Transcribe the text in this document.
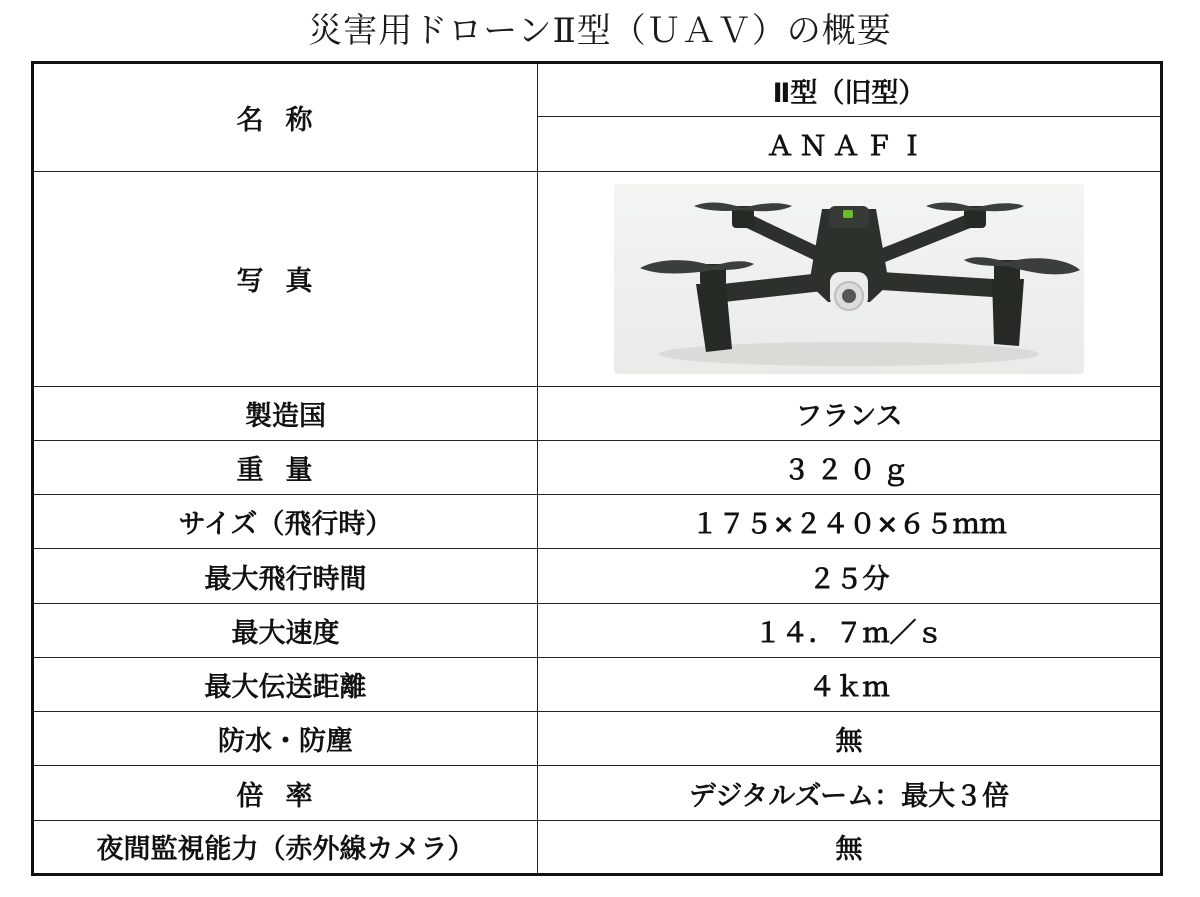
災害用ドローンⅡ型（ＵＡＶ）の概要
名称	Ⅱ型（旧型）
	ＡＮＡＦＩ
写真	

製造国	フランス
重量	３２０ｇ
サイズ（飛行時）	１７５×２４０×６５ｍｍ
最大飛行時間	２５分
最大速度	１４．７ｍ／ｓ
最大伝送距離	４ｋｍ
防水・防塵	無
倍率	デジタルズーム：最大３倍
夜間監視能力（赤外線カメラ）	無
